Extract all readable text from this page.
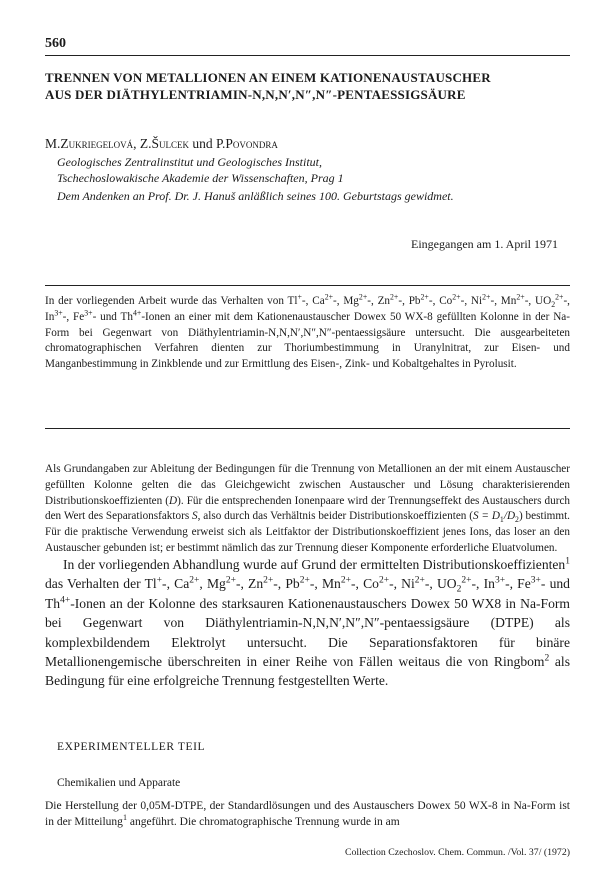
560
TRENNEN VON METALLIONEN AN EINEM KATIONENAUSTAUSCHER
AUS DER DIÄTHYLENTRIAMIN-N,N,N′,N″,N″-PENTAESSIGSÄURE
M.Zukriegelová, Z.Šulcek und P.Povondra
Geologisches Zentralinstitut und Geologisches Institut,
Tschechoslowakische Akademie der Wissenschaften, Prag 1
Dem Andenken an Prof. Dr. J. Hanuš anläßlich seines 100. Geburtstags gewidmet.
Eingegangen am 1. April 1971
In der vorliegenden Arbeit wurde das Verhalten von Tl+-, $Ca^{2+}-$, $Mg^{2+}-$, $Zn^{2+}-$, $Pb^{2+}-$, $Co^{2+}-$, $Ni^{2+}-$, $Mn^{2+}-$, $UO_2^{2+}-$, $In^{3+}-$, $Fe^{3+}-$ und $Th^{4+}$-Ionen an einer mit dem Kationenaustauscher Dowex 50 WX-8 gefüllten Kolonne in der Na-Form bei Gegenwart von Diäthylentriamin-N,N,N′,N″,N″-pentaessigsäure untersucht. Die ausgearbeiteten chromatographischen Verfahren dienten zur Thoriumbestimmung in Uranylnitrat, zur Eisen- und Manganbestimmung in Zinkblende und zur Ermittlung des Eisen-, Zink- und Kobaltgehaltes in Pyrolusit.
Als Grundangaben zur Ableitung der Bedingungen für die Trennung von Metallionen an der mit einem Austauscher gefüllten Kolonne gelten die das Gleichgewicht zwischen Austauscher und Lösung charakterisierenden Distributionskoeffizienten (D). Für die entsprechenden Ionenpaare wird der Trennungseffekt des Austauschers durch den Wert des Separationsfaktors S, also durch das Verhältnis beider Distributionskoeffizienten $(S = D_1/D_2)$ bestimmt. Für die praktische Verwendung erweist sich als Leitfaktor der Distributionskoeffizient jenes Ions, das loser an den Austauscher gebunden ist; er bestimmt nämlich das zur Trennung dieser Komponente erforderliche Eluatvolumen.
In der vorliegenden Abhandlung wurde auf Grund der ermittelten Distributionskoeffizienten$^1$ das Verhalten der Tl+-, $Ca^{2+}$, $Mg^{2+}-$, $Zn^{2+}-$, $Pb^{2+}-$, $Mn^{2+}-$, $Co^{2+}-$, $Ni^{2+}-$, $UO_2^{2+}-$, $In^{3+}-$, $Fe^{3+}-$ und $Th^{4+}$-Ionen an der Kolonne des starksauren Kationenaustauschers Dowex 50 WX8 in Na-Form bei Gegenwart von Diäthylentriamin-N,N,N′,N″,N″-pentaessigsäure (DTPE) als komplexbildendem Elektrolyt untersucht. Die Separationsfaktoren für binäre Metallionengemische überschreiten in einer Reihe von Fällen weitaus die von Ringbom$^2$ als Bedingung für eine erfolgreiche Trennung festgestellten Werte.
EXPERIMENTELLER TEIL
Chemikalien und Apparate
Die Herstellung der 0,05M-DTPE, der Standardlösungen und des Austauschers Dowex 50 WX-8 in Na-Form ist in der Mitteilung$^1$ angeführt. Die chromatographische Trennung wurde in am
Collection Czechoslov. Chem. Commun. /Vol. 37/ (1972)
